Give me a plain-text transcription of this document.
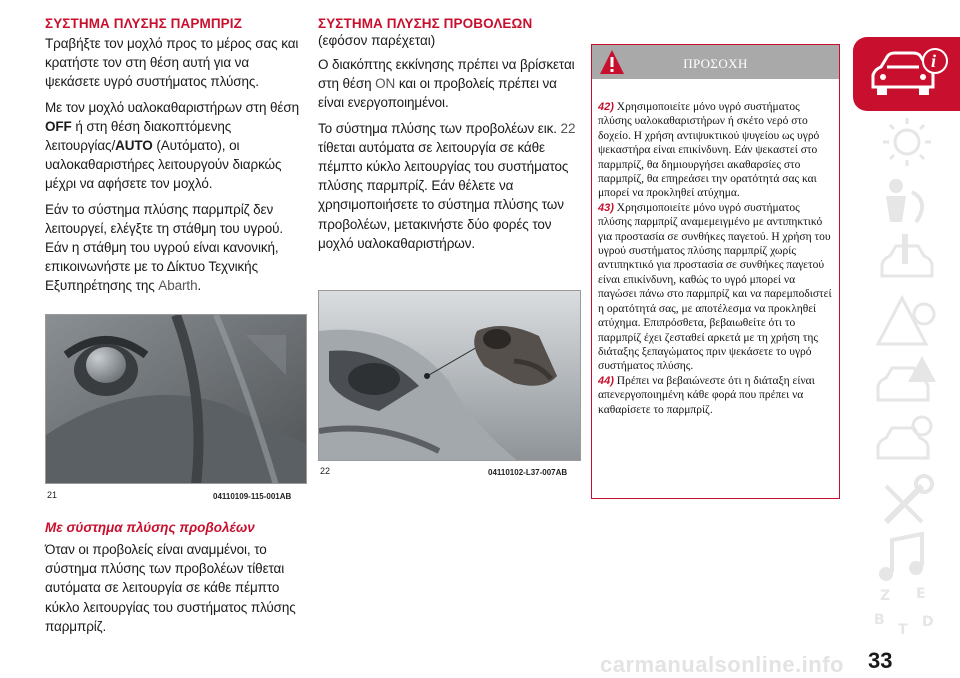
ΣΥΣΤΗΜΑ ΠΛΥΣΗΣ ΠΑΡΜΠΡΙΖ
Τραβήξτε τον μοχλό προς το μέρος σας και κρατήστε τον στη θέση αυτή για να ψεκάσετε υγρό συστήματος πλύσης.
Με τον μοχλό υαλοκαθαριστήρων στη θέση OFF ή στη θέση διακοπτόμενης λειτουργίας/AUTO (Αυτόματο), οι υαλοκαθαριστήρες λειτουργούν διαρκώς μέχρι να αφήσετε τον μοχλό.
Εάν το σύστημα πλύσης παρμπρίζ δεν λειτουργεί, ελέγξτε τη στάθμη του υγρού. Εάν η στάθμη του υγρού είναι κανονική, επικοινωνήστε με το Δίκτυο Τεχνικής Εξυπηρέτησης της Abarth.
21	04110109-115-001AB
Με σύστημα πλύσης προβολέων
Όταν οι προβολείς είναι αναμμένοι, το σύστημα πλύσης των προβολέων τίθεται αυτόματα σε λειτουργία σε κάθε πέμπτο κύκλο λειτουργίας του συστήματος πλύσης παρμπρίζ.
ΣΥΣΤΗΜΑ ΠΛΥΣΗΣ ΠΡΟΒΟΛΕΩΝ
(εφόσον παρέχεται)
Ο διακόπτης εκκίνησης πρέπει να βρίσκεται στη θέση ON και οι προβολείς πρέπει να είναι ενεργοποιημένοι.
Το σύστημα πλύσης των προβολέων εικ. 22 τίθεται αυτόματα σε λειτουργία σε κάθε πέμπτο κύκλο λειτουργίας του συστήματος πλύσης παρμπρίζ. Εάν θέλετε να χρησιμοποιήσετε το σύστημα πλύσης των προβολέων, μετακινήστε δύο φορές τον μοχλό υαλοκαθαριστήρων.
22	04110102-L37-007AB
ΠΡΟΣΟΧΗ
42) Χρησιμοποιείτε μόνο υγρό συστήματος πλύσης υαλοκαθαριστήρων ή σκέτο νερό στο δοχείο. Η χρήση αντιψυκτικού ψυγείου ως υγρό ψεκαστήρα είναι επικίνδυνη. Εάν ψεκαστεί στο παρμπρίζ, θα δημιουργήσει ακαθαρσίες στο παρμπρίζ, θα επηρεάσει την ορατότητά σας και μπορεί να προκληθεί ατύχημα.
43) Χρησιμοποιείτε μόνο υγρό συστήματος πλύσης παρμπρίζ αναμεμειγμένο με αντιπηκτικό για προστασία σε συνθήκες παγετού. Η χρήση του υγρού συστήματος πλύσης παρμπρίζ χωρίς αντιπηκτικό για προστασία σε συνθήκες παγετού είναι επικίνδυνη, καθώς το υγρό μπορεί να παγώσει πάνω στο παρμπρίζ και να παρεμποδιστεί η ορατότητά σας, με αποτέλεσμα να προκληθεί ατύχημα. Επιπρόσθετα, βεβαιωθείτε ότι το παρμπρίζ έχει ζεσταθεί αρκετά με τη χρήση της διάταξης ξεπαγώματος πριν ψεκάσετε το υγρό συστήματος πλύσης.
44) Πρέπει να βεβαιώνεστε ότι η διάταξη είναι απενεργοποιημένη κάθε φορά που πρέπει να καθαρίσετε το παρμπρίζ.
i
Z E
B
T D
carmanualsonline.info 33
